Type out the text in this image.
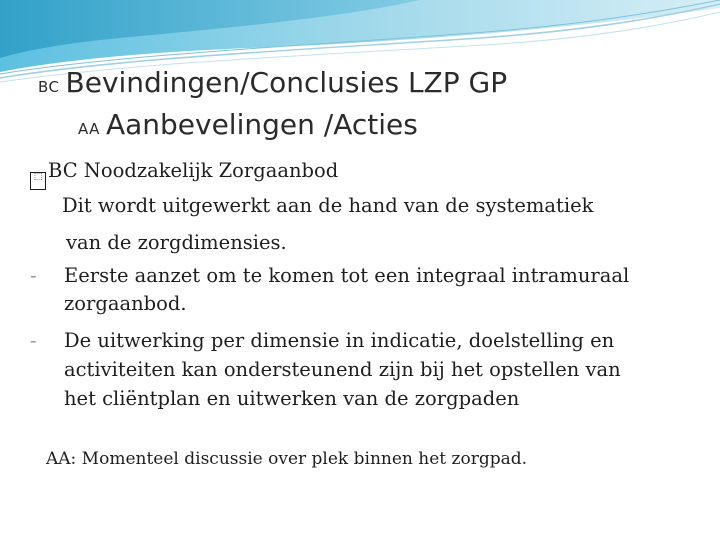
BC Bevindingen/Conclusies LZP GP
AA Aanbevelingen /Acties
⬚ BC Noodzakelijk Zorgaanbod
Dit wordt uitgewerkt aan de hand van de systematiek
van de zorgdimensies.
- Eerste aanzet om te komen tot een integraal intramuraal
zorgaanbod.
- De uitwerking per dimensie in indicatie, doelstelling en
activiteiten kan ondersteunend zijn bij het opstellen van
het cliëntplan en uitwerken van de zorgpaden
AA: Momenteel discussie over plek binnen het zorgpad.
